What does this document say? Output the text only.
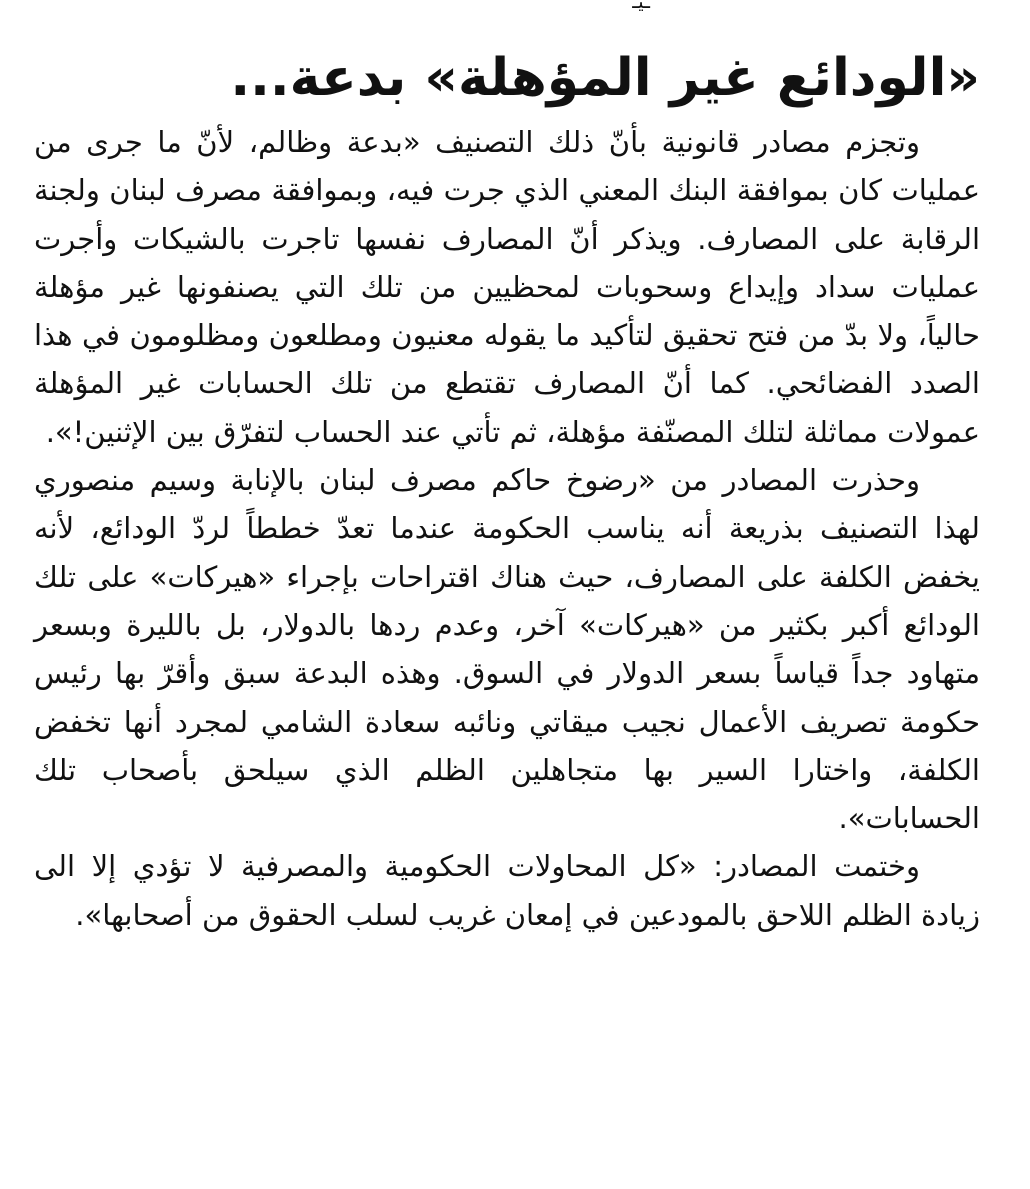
ـيـ
«الودائع غير المؤهلة» بدعة...

وتجزم مصادر قانونية بأنّ ذلك التصنيف «بدعة وظالم، لأنّ ما جرى من عمليات كان بموافقة البنك المعني الذي جرت فيه، وبموافقة مصرف لبنان ولجنة الرقابة على المصارف. ويذكر أنّ المصارف نفسها تاجرت بالشيكات وأجرت عمليات سداد وإيداع وسحوبات لمحظيين من تلك التي يصنفونها غير مؤهلة حالياً، ولا بدّ من فتح تحقيق لتأكيد ما يقوله معنيون ومطلعون ومظلومون في هذا الصدد الفضائحي. كما أنّ المصارف تقتطع من تلك الحسابات غير المؤهلة عمولات مماثلة لتلك المصنّفة مؤهلة، ثم تأتي عند الحساب لتفرّق بين الإثنين!».

وحذرت المصادر من «رضوخ حاكم مصرف لبنان بالإنابة وسيم منصوري لهذا التصنيف بذريعة أنه يناسب الحكومة عندما تعدّ خططاً لردّ الودائع، لأنه يخفض الكلفة على المصارف، حيث هناك اقتراحات بإجراء «هيركات» على تلك الودائع أكبر بكثير من «هيركات» آخر، وعدم ردها بالدولار، بل بالليرة وبسعر متهاود جداً قياساً بسعر الدولار في السوق. وهذه البدعة سبق وأقرّ بها رئيس حكومة تصريف الأعمال نجيب ميقاتي ونائبه سعادة الشامي لمجرد أنها تخفض الكلفة، واختارا السير بها متجاهلين الظلم الذي سيلحق بأصحاب تلك الحسابات».

وختمت المصادر: «كل المحاولات الحكومية والمصرفية لا تؤدي إلا الى زيادة الظلم اللاحق بالمودعين في إمعان غريب لسلب الحقوق من أصحابها».
